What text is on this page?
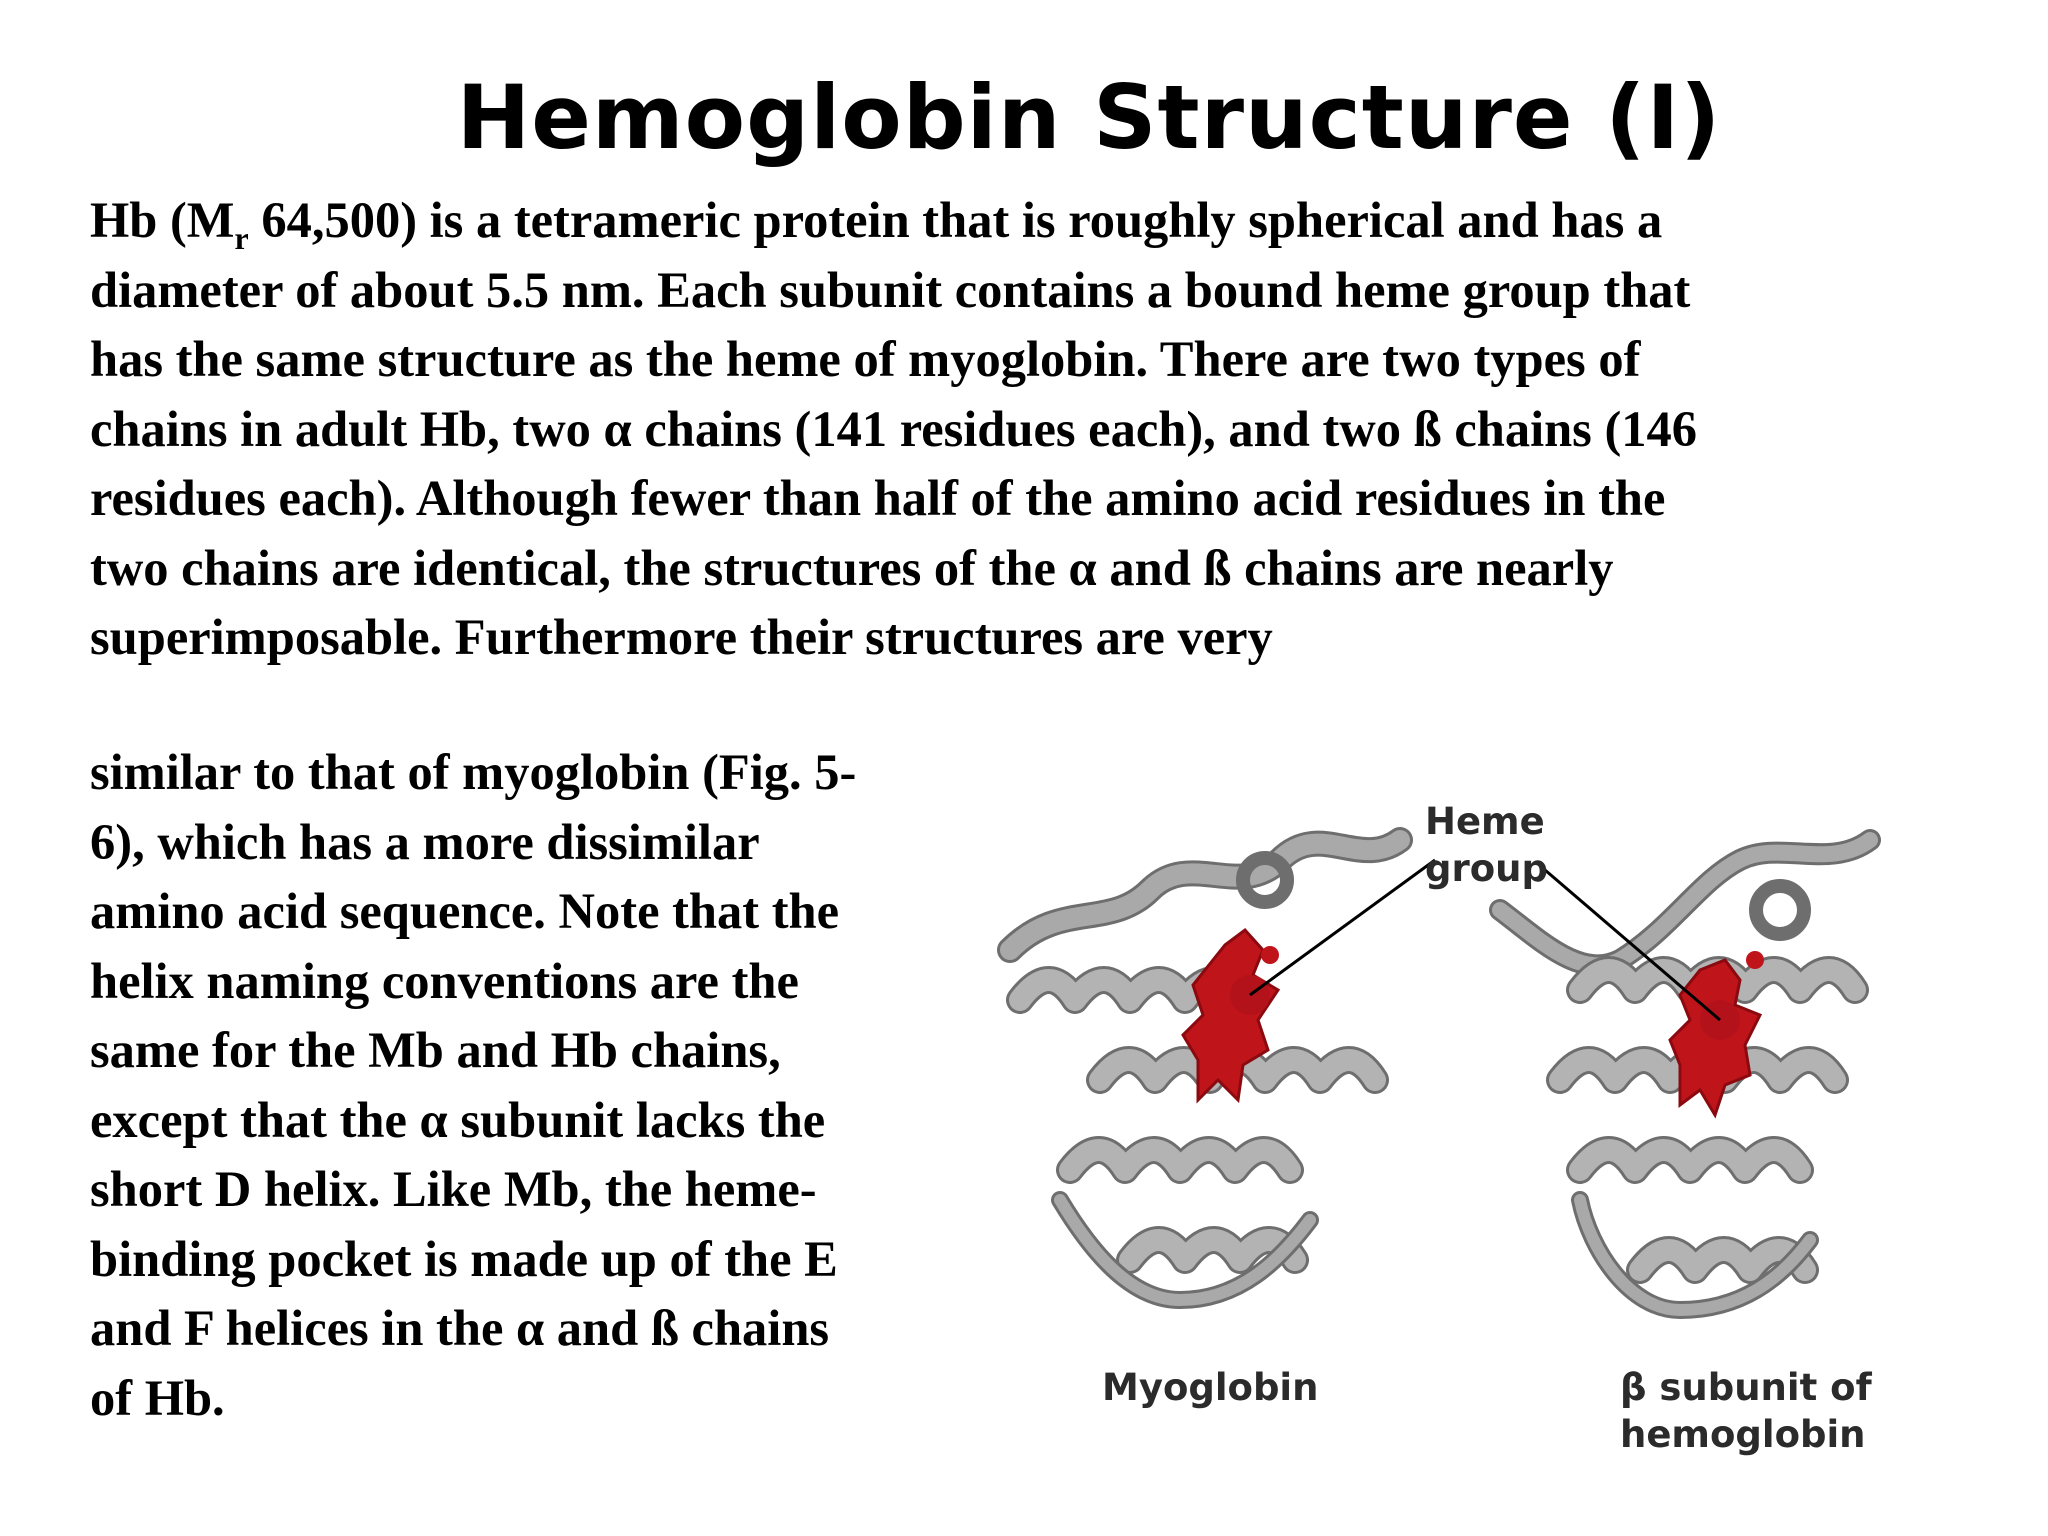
Hemoglobin Structure (I)
Hb ($M_r$ 64,500) is a tetrameric protein that is roughly spherical and has a
diameter of about 5.5 nm. Each subunit contains a bound heme group that
has the same structure as the heme of myoglobin. There are two types of
chains in adult Hb, two α chains (141 residues each), and two ß chains (146
residues each). Although fewer than half of the amino acid residues in the
two chains are identical, the structures of the α and ß chains are nearly
superimposable. Furthermore their structures are very
similar to that of myoglobin (Fig. 5-
6), which has a more dissimilar
amino acid sequence. Note that the
helix naming conventions are the
same for the Mb and Hb chains,
except that the α subunit lacks the
short D helix. Like Mb, the heme-
binding pocket is made up of the E
and F helices in the α and ß chains
of Hb.
Heme
group
Myoglobin	β subunit of
hemoglobin
